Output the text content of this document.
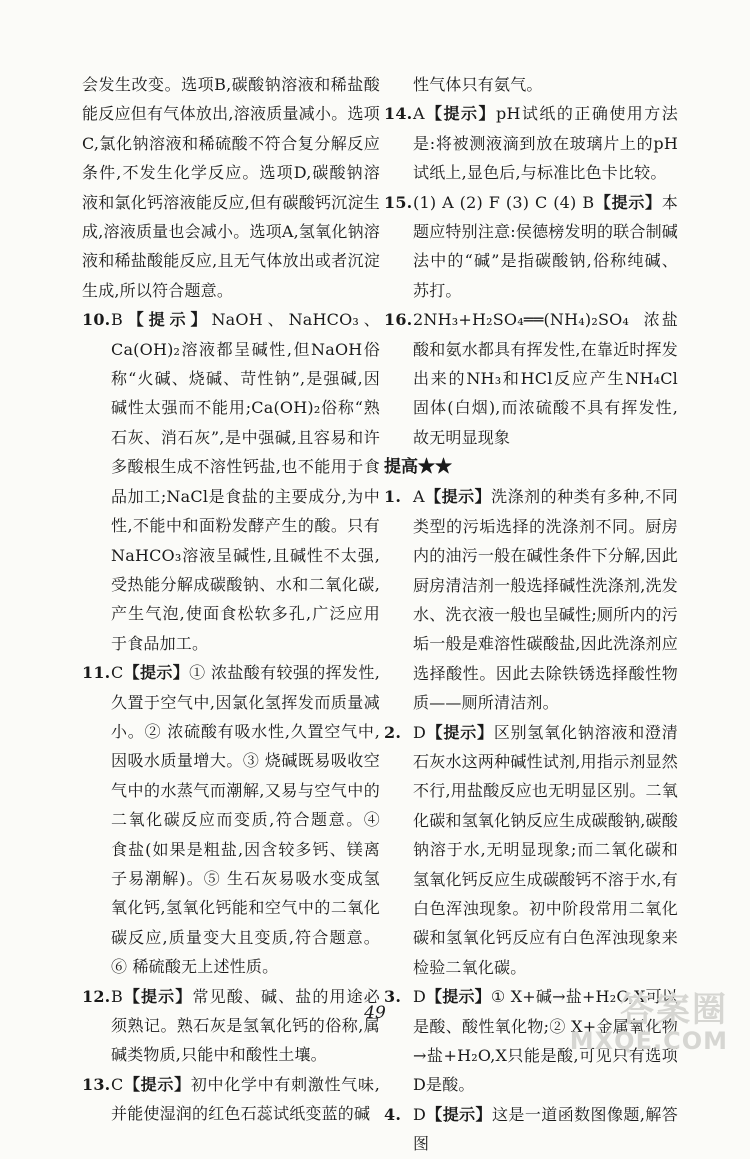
会发生改变。选项B,碳酸钠溶液和稀盐酸能反应但有气体放出,溶液质量减小。选项C,氯化钠溶液和稀硫酸不符合复分解反应条件,不发生化学反应。选项D,碳酸钠溶液和氯化钙溶液能反应,但有碳酸钙沉淀生成,溶液质量也会减小。选项A,氢氧化钠溶液和稀盐酸能反应,且无气体放出或者沉淀生成,所以符合题意。
10. B【提示】NaOH、NaHCO₃、Ca(OH)₂溶液都呈碱性,但NaOH俗称“火碱、烧碱、苛性钠”,是强碱,因碱性太强而不能用;Ca(OH)₂俗称“熟石灰、消石灰”,是中强碱,且容易和许多酸根生成不溶性钙盐,也不能用于食品加工;NaCl是食盐的主要成分,为中性,不能中和面粉发酵产生的酸。只有NaHCO₃溶液呈碱性,且碱性不太强,受热能分解成碳酸钠、水和二氧化碳,产生气泡,使面食松软多孔,广泛应用于食品加工。
11. C【提示】① 浓盐酸有较强的挥发性,久置于空气中,因氯化氢挥发而质量减小。② 浓硫酸有吸水性,久置空气中,因吸水质量增大。③ 烧碱既易吸收空气中的水蒸气而潮解,又易与空气中的二氧化碳反应而变质,符合题意。④ 食盐(如果是粗盐,因含较多钙、镁离子易潮解)。⑤ 生石灰易吸水变成氢氧化钙,氢氧化钙能和空气中的二氧化碳反应,质量变大且变质,符合题意。⑥ 稀硫酸无上述性质。
12. B【提示】常见酸、碱、盐的用途必须熟记。熟石灰是氢氧化钙的俗称,属碱类物质,只能中和酸性土壤。
13. C【提示】初中化学中有刺激性气味,并能使湿润的红色石蕊试纸变蓝的碱
性气体只有氨气。
14. A【提示】pH试纸的正确使用方法是:将被测液滴到放在玻璃片上的pH试纸上,显色后,与标准比色卡比较。
15. (1) A (2) F (3) C (4) B【提示】本题应特别注意:侯德榜发明的联合制碱法中的“碱”是指碳酸钠,俗称纯碱、苏打。
16. 2NH₃+H₂SO₄══(NH₄)₂SO₄ 浓盐酸和氨水都具有挥发性,在靠近时挥发出来的NH₃和HCl反应产生NH₄Cl固体(白烟),而浓硫酸不具有挥发性,故无明显现象
提高★★
1. A【提示】洗涤剂的种类有多种,不同类型的污垢选择的洗涤剂不同。厨房内的油污一般在碱性条件下分解,因此厨房清洁剂一般选择碱性洗涤剂,洗发水、洗衣液一般也呈碱性;厕所内的污垢一般是难溶性碳酸盐,因此洗涤剂应选择酸性。因此去除铁锈选择酸性物质——厕所清洁剂。
2. D【提示】区别氢氧化钠溶液和澄清石灰水这两种碱性试剂,用指示剂显然不行,用盐酸反应也无明显区别。二氧化碳和氢氧化钠反应生成碳酸钠,碳酸钠溶于水,无明显现象;而二氧化碳和氢氧化钙反应生成碳酸钙不溶于水,有白色浑浊现象。初中阶段常用二氧化碳和氢氧化钙反应有白色浑浊现象来检验二氧化碳。
3. D【提示】① X+碱→盐+H₂O,X可以是酸、酸性氧化物;② X+金属氧化物→盐+H₂O,X只能是酸,可见只有选项D是酸。
4. D【提示】这是一道函数图像题,解答图
49	答案圈
MXQE.COM
